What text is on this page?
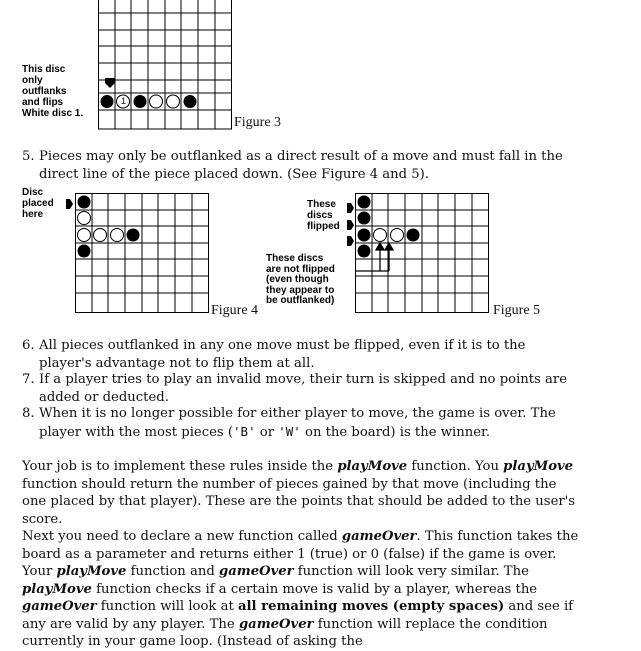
1
This disc
only
outflanks
and flips
White disc 1.
Figure 3
5. Pieces may only be outflanked as a direct result of a move and must fall in the direct line of the piece placed down. (See Figure 4 and 5).
Disc
placed
here
Figure 4
These
discs
flipped
These discs
are not flipped
(even though
they appear to
be outflanked)
Figure 5
6. All pieces outflanked in any one move must be flipped, even if it is to the player's advantage not to flip them at all.
7. If a player tries to play an invalid move, their turn is skipped and no points are added or deducted.
8. When it is no longer possible for either player to move, the game is over. The player with the most pieces ('B' or 'W' on the board) is the winner.

Your job is to implement these rules inside the playMove function. You playMove function should return the number of pieces gained by that move (including the one placed by that player). These are the points that should be added to the user's score.

Next you need to declare a new function called gameOver. This function takes the board as a parameter and returns either 1 (true) or 0 (false) if the game is over. Your playMove function and gameOver function will look very similar. The playMove function checks if a certain move is valid by a player, whereas the gameOver function will look at all remaining moves (empty spaces) and see if any are valid by any player. The gameOver function will replace the condition currently in your game loop. (Instead of asking the
